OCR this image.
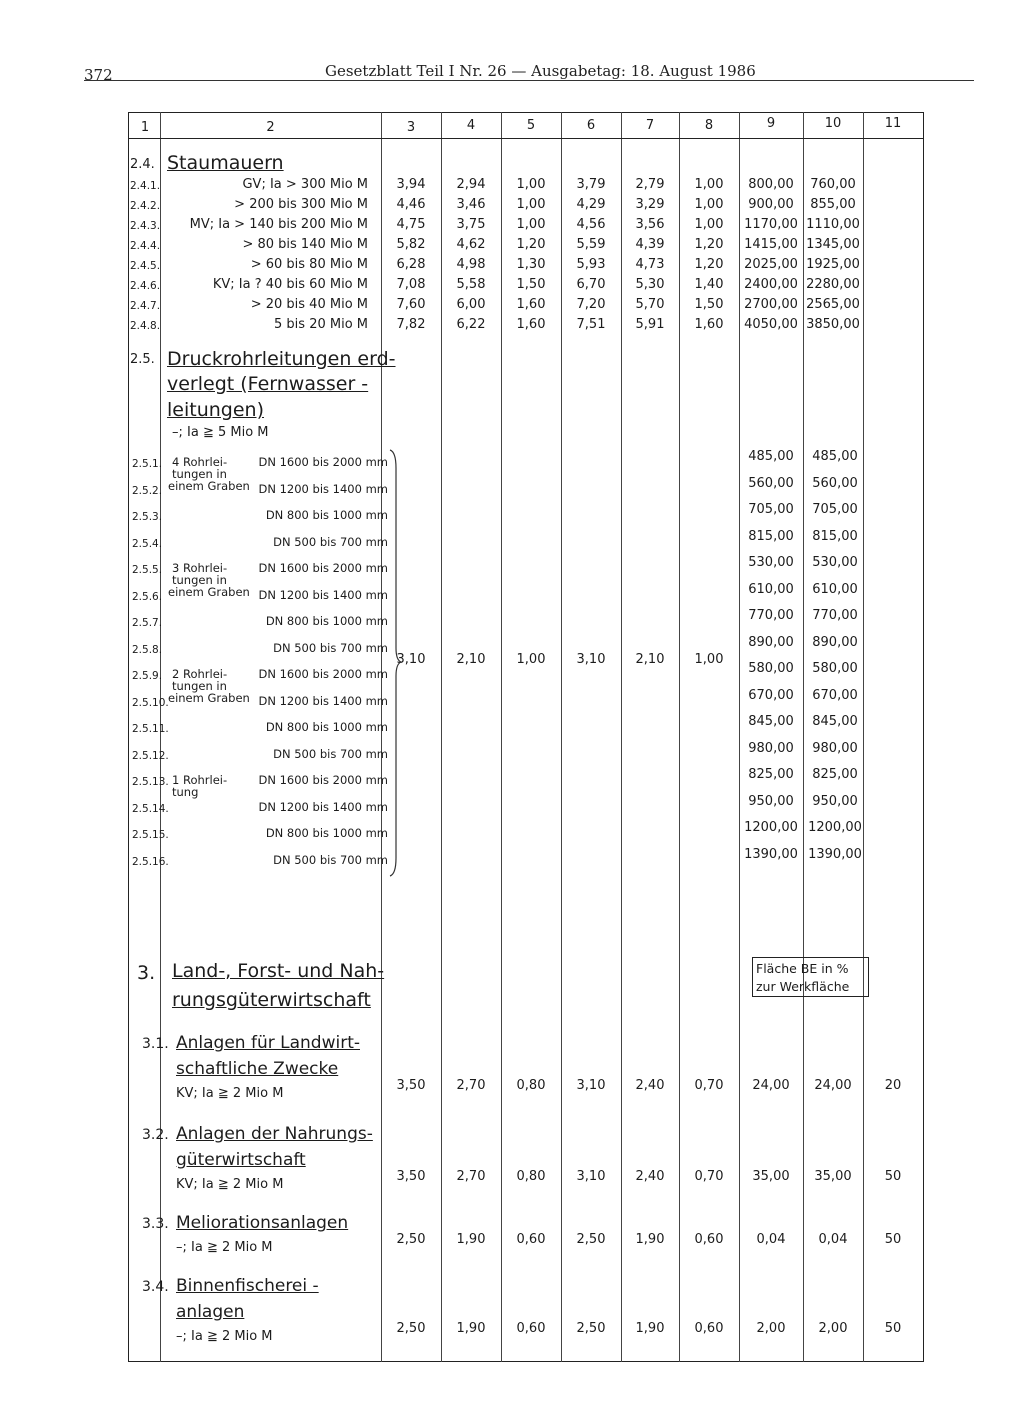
372	Gesetzblatt Teil I Nr. 26 — Ausgabetag: 18. August 1986
1	2	3	4	5	6	7	8	9	10	11
2.4. Staumauern
2.4.1.	GV; Ia > 300 Mio M	3,94	2,94	1,00	3,79	2,79	1,00	800,00	760,00
2.4.2.	> 200 bis 300 Mio M	4,46	3,46	1,00	4,29	3,29	1,00	900,00	855,00
2.4.3.	MV; Ia > 140 bis 200 Mio M	4,75	3,75	1,00	4,56	3,56	1,00	1170,00 1110,00
2.4.4.	> 80 bis 140 Mio M	5,82	4,62	1,20	5,59	4,39	1,20	1415,00 1345,00
2.4.5.	> 60 bis 80 Mio M	6,28	4,98	1,30	5,93	4,73	1,20	2025,00 1925,00
2.4.6.	KV; Ia ? 40 bis 60 Mio M	7,08	5,58	1,50	6,70	5,30	1,40	2400,00 2280,00
2.4.7.	> 20 bis 40 Mio M	7,60	6,00	1,60	7,20	5,70	1,50	2700,00 2565,00
2.4.8.	5 bis 20 Mio M	7,82	6,22	1,60	7,51	5,91	1,60	4050,00 3850,00
2.5. Druckrohrleitungen erd-
verlegt (Fernwasser -
leitungen)
–; Ia ≧ 5 Mio M
2.5.1.	DN 1600 bis 2000 mm	485,00	485,00
2.5.2.	DN 1200 bis 1400 mm	560,00	560,00
2.5.3.	DN 800 bis 1000 mm	705,00	705,00
2.5.4.	DN 500 bis 700 mm	815,00	815,00
2.5.5.	DN 1600 bis 2000 mm	530,00	530,00
2.5.6.	DN 1200 bis 1400 mm	610,00	610,00
2.5.7.	DN 800 bis 1000 mm	770,00	770,00
2.5.8.	DN 500 bis 700 mm	890,00	890,00
2.5.9.	DN 1600 bis 2000 mm	580,00	580,00
2.5.10.	DN 1200 bis 1400 mm	670,00	670,00
2.5.11.	DN 800 bis 1000 mm	845,00	845,00
2.5.12.	DN 500 bis 700 mm	980,00	980,00
2.5.13.	DN 1600 bis 2000 mm	825,00	825,00
2.5.14.	DN 1200 bis 1400 mm	950,00	950,00
2.5.15.	DN 800 bis 1000 mm	1200,00 1200,00
2.5.16.	DN 500 bis 700 mm	1390,00 1390,00
4 Rohrlei-
tungen in
einem Graben
3 Rohrlei-
tungen in
einem Graben
2 Rohrlei-
tungen in
einem Graben
1 Rohrlei-
tung
3,10	2,10	1,00	3,10	2,10	1,00
3. Land-, Forst- und Nah-
rungsgüterwirtschaft
Fläche BE in %
zur Werkfläche
3.1. Anlagen für Landwirt-
schaftliche Zwecke
KV; Ia ≧ 2 Mio M
3,50	2,70	0,80	3,10	2,40	0,70	24,00	24,00	20
3.2. Anlagen der Nahrungs-
güterwirtschaft
KV; Ia ≧ 2 Mio M
3,50	2,70	0,80	3,10	2,40	0,70	35,00	35,00	50
3.3. Meliorationsanlagen
–; Ia ≧ 2 Mio M
2,50	1,90	0,60	2,50	1,90	0,60	0,04	0,04	50
3.4. Binnenfischerei -
anlagen
–; Ia ≧ 2 Mio M
2,50	1,90	0,60	2,50	1,90	0,60	2,00	2,00	50
